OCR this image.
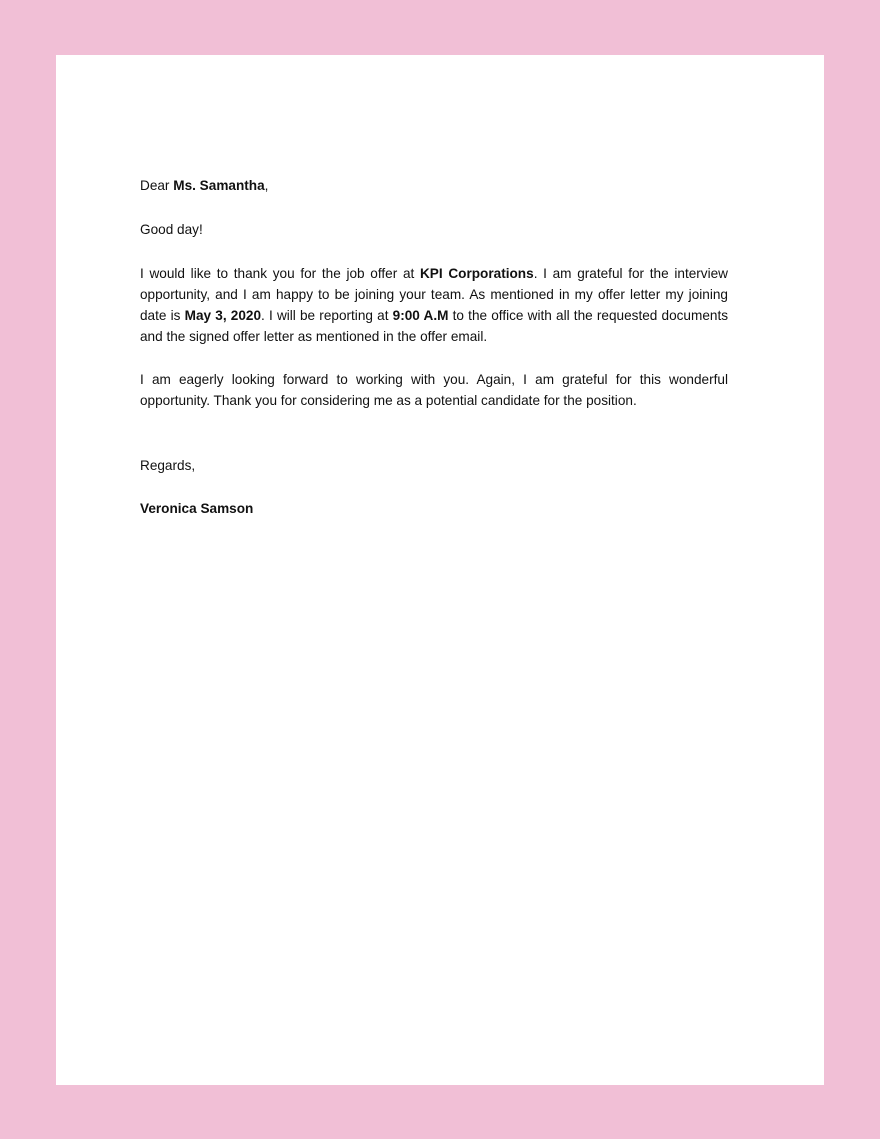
Dear Ms. Samantha,

Good day!

I would like to thank you for the job offer at KPI Corporations. I am grateful for the interview opportunity, and I am happy to be joining your team. As mentioned in my offer letter my joining date is May 3, 2020. I will be reporting at 9:00 A.M to the office with all the requested documents and the signed offer letter as mentioned in the offer email.

I am eagerly looking forward to working with you. Again, I am grateful for this wonderful opportunity. Thank you for considering me as a potential candidate for the position.

Regards,

Veronica Samson
